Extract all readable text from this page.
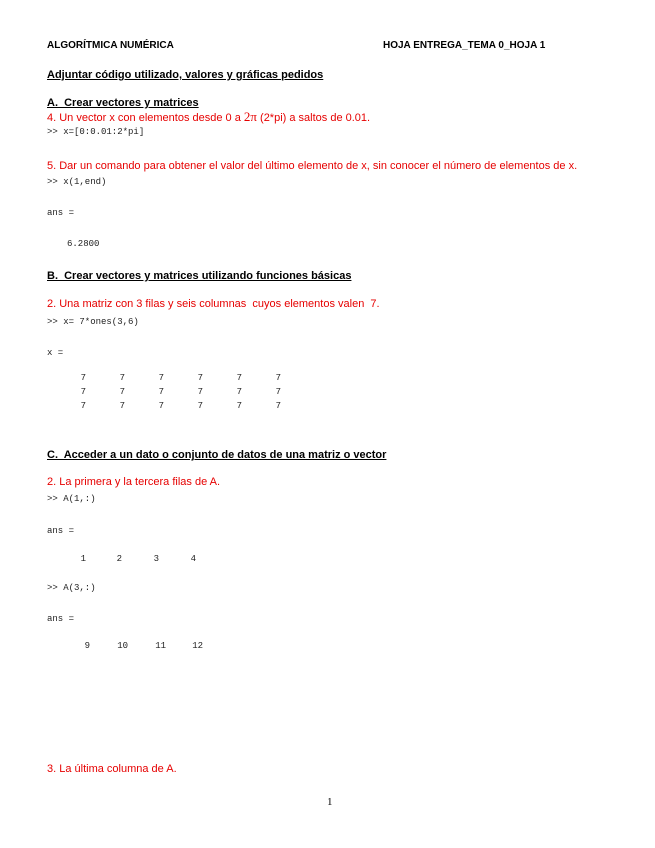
ALGORÍTMICA NUMÉRICA	HOJA ENTREGA_TEMA 0_HOJA 1
Adjuntar código utilizado, valores y gráficas pedidos
A.  Crear vectores y matrices
4. Un vector x con elementos desde 0 a 2π (2*pi) a saltos de 0.01.
>> x=[0:0.01:2*pi]
5. Dar un comando para obtener el valor del último elemento de x, sin conocer el número de elementos de x.
>> x(1,end)
ans =
6.2800
B.  Crear vectores y matrices utilizando funciones básicas
2. Una matriz con 3 filas y seis columnas  cuyos elementos valen  7.
>> x= 7*ones(3,6)
x =
7	7	7	7	7	7
7	7	7	7	7	7
7	7	7	7	7	7
C.  Acceder a un dato o conjunto de datos de una matriz o vector
2. La primera y la tercera filas de A.
>> A(1,:)
ans =
1	2	3	4
>> A(3,:)
ans =
9	10	11	12
3. La última columna de A.
1
